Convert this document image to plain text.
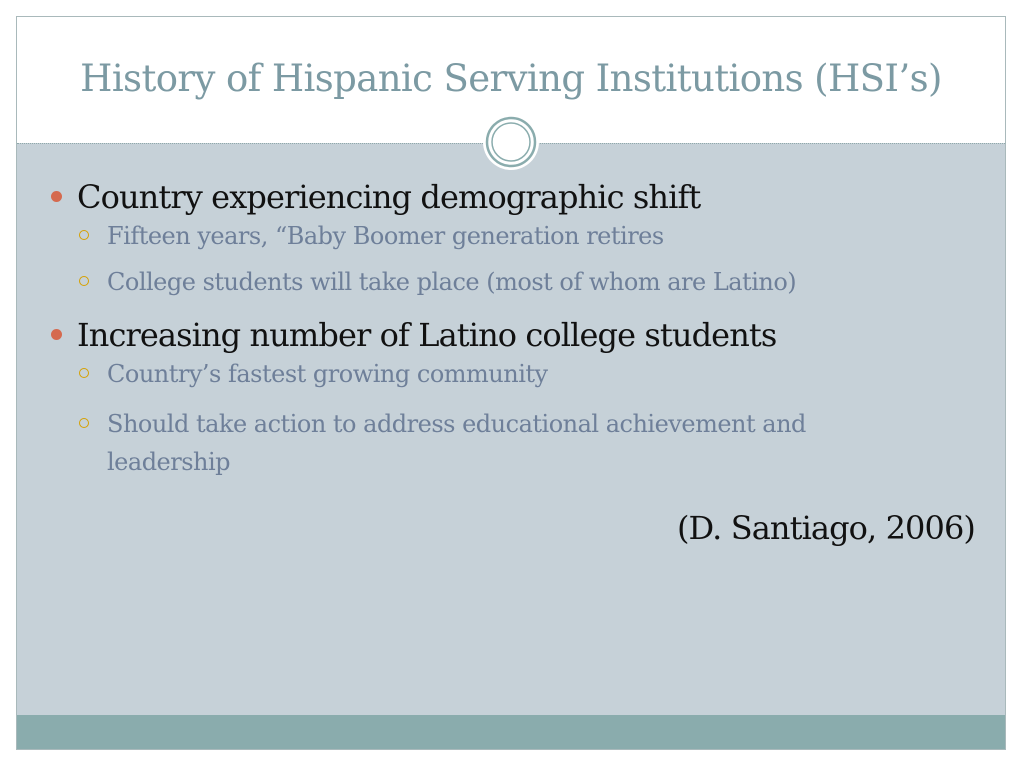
History of Hispanic Serving Institutions (HSI’s)
Country experiencing demographic shift
Fifteen years, “Baby Boomer generation retires
College students will take place (most of whom are Latino)
Increasing number of Latino college students
Country’s fastest growing community
Should take action to address educational achievement and leadership
(D. Santiago, 2006)
